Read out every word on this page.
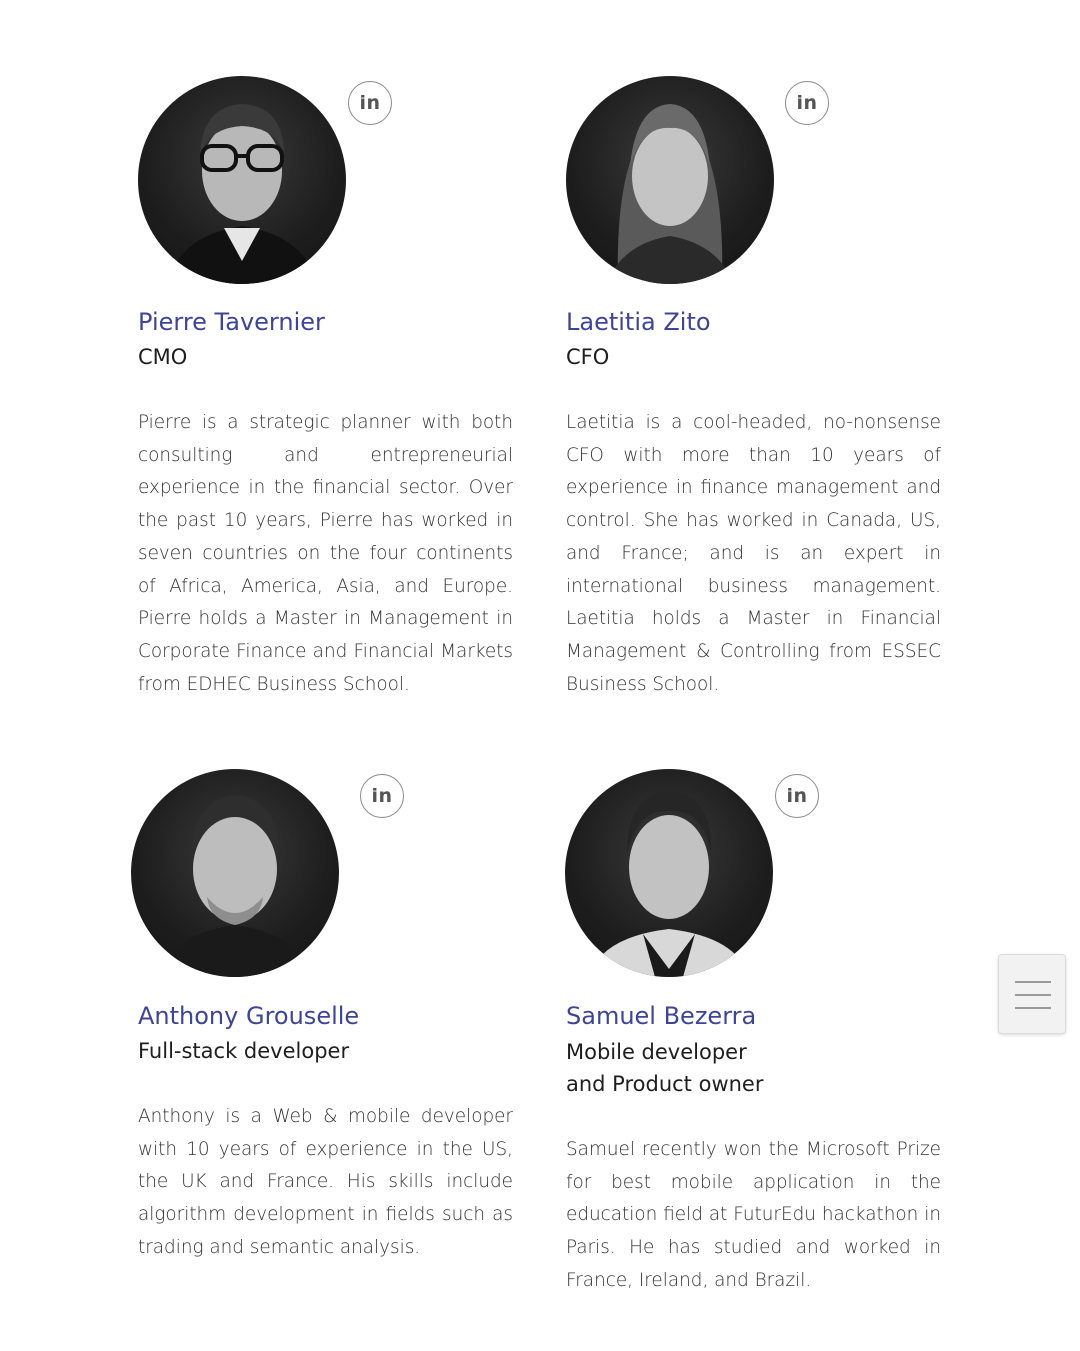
in
Pierre Tavernier
CMO
Pierre is a strategic planner with both consulting and entrepreneurial experience in the financial sector. Over the past 10 years, Pierre has worked in seven countries on the four continents of Africa, America, Asia, and Europe. Pierre holds a Master in Management in Corporate Finance and Financial Markets from EDHEC Business School.
in
Laetitia Zito
CFO
Laetitia is a cool-headed, no-nonsense CFO with more than 10 years of experience in finance management and control. She has worked in Canada, US, and France; and is an expert in international business management. Laetitia holds a Master in Financial Management & Controlling from ESSEC Business School.
in
Anthony Grouselle
Full-stack developer
Anthony is a Web & mobile developer with 10 years of experience in the US, the UK and France. His skills include algorithm development in fields such as trading and semantic analysis.
in
Samuel Bezerra
Mobile developer
and Product owner
Samuel recently won the Microsoft Prize for best mobile application in the education field at FuturEdu hackathon in Paris. He has studied and worked in France, Ireland, and Brazil.
